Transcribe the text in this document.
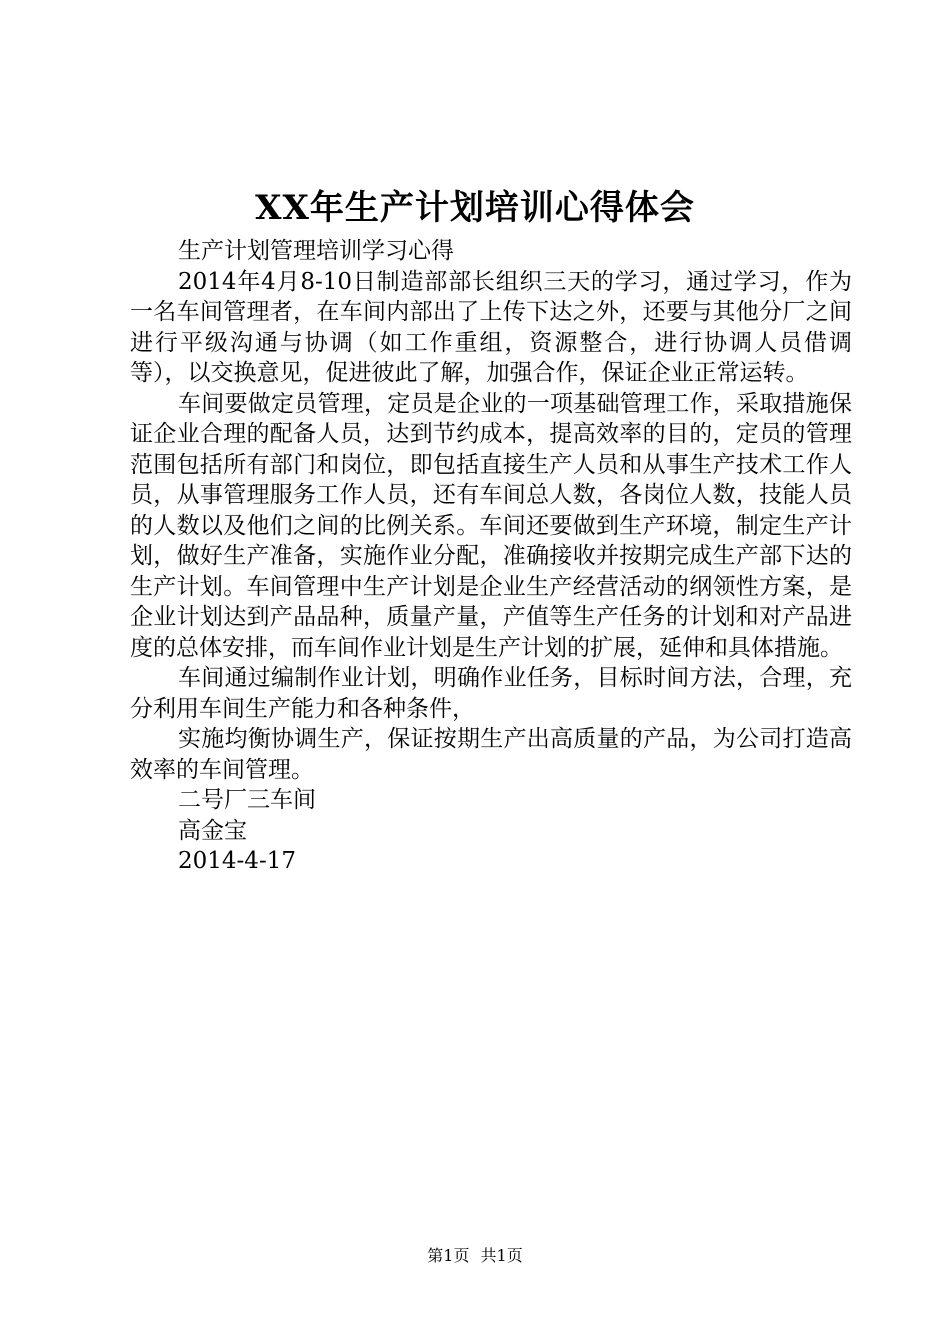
XX年生产计划培训心得体会

生产计划管理培训学习心得

2014年4月8-10日制造部部长组织三天的学习，通过学习，作为一名车间管理者，在车间内部出了上传下达之外，还要与其他分厂之间进行平级沟通与协调（如工作重组，资源整合，进行协调人员借调等），以交换意见，促进彼此了解，加强合作，保证企业正常运转。

车间要做定员管理，定员是企业的一项基础管理工作，采取措施保证企业合理的配备人员，达到节约成本，提高效率的目的，定员的管理范围包括所有部门和岗位，即包括直接生产人员和从事生产技术工作人员，从事管理服务工作人员，还有车间总人数，各岗位人数，技能人员的人数以及他们之间的比例关系。车间还要做到生产环境，制定生产计划，做好生产准备，实施作业分配，准确接收并按期完成生产部下达的生产计划。车间管理中生产计划是企业生产经营活动的纲领性方案，是企业计划达到产品品种，质量产量，产值等生产任务的计划和对产品进度的总体安排，而车间作业计划是生产计划的扩展，延伸和具体措施。

车间通过编制作业计划，明确作业任务，目标时间方法，合理，充分利用车间生产能力和各种条件，

实施均衡协调生产，保证按期生产出高质量的产品，为公司打造高效率的车间管理。

二号厂三车间

高金宝

2014-4-17

第1页 共1页
